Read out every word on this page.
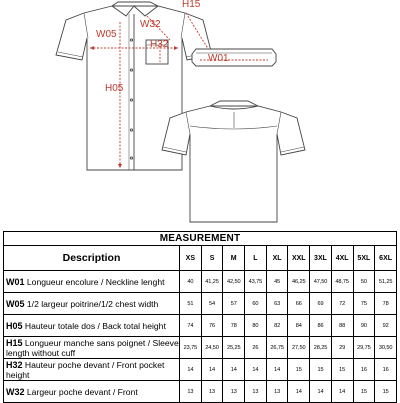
H15
W32
W05
H32
W01
H05
MEASUREMENT										
Description	XS	S	M	L	XL	XXL	3XL	4XL	5XL	6XL
W01 Longueur encolure / Neckline lenght	40	41,25	42,50	43,75	45	46,25	47,50	48,75	50	51,25
W05 1/2 largeur poitrine/1/2 chest width	51	54	57	60	63	66	69	72	75	78
H05 Hauteur totale dos / Back total height	74	76	78	80	82	84	86	88	90	92
H15 Longueur manche sans poignet / Sleeve length without cuff	23,75	24,50	25,25	26	26,75	27,50	28,25	29	29,75	30,50
H32 Hauteur poche devant / Front pocket height	14	14	14	14	14	15	15	15	16	16
W32 Largeur poche devant / Front	13	13	13	13	13	14	14	14	15	15
